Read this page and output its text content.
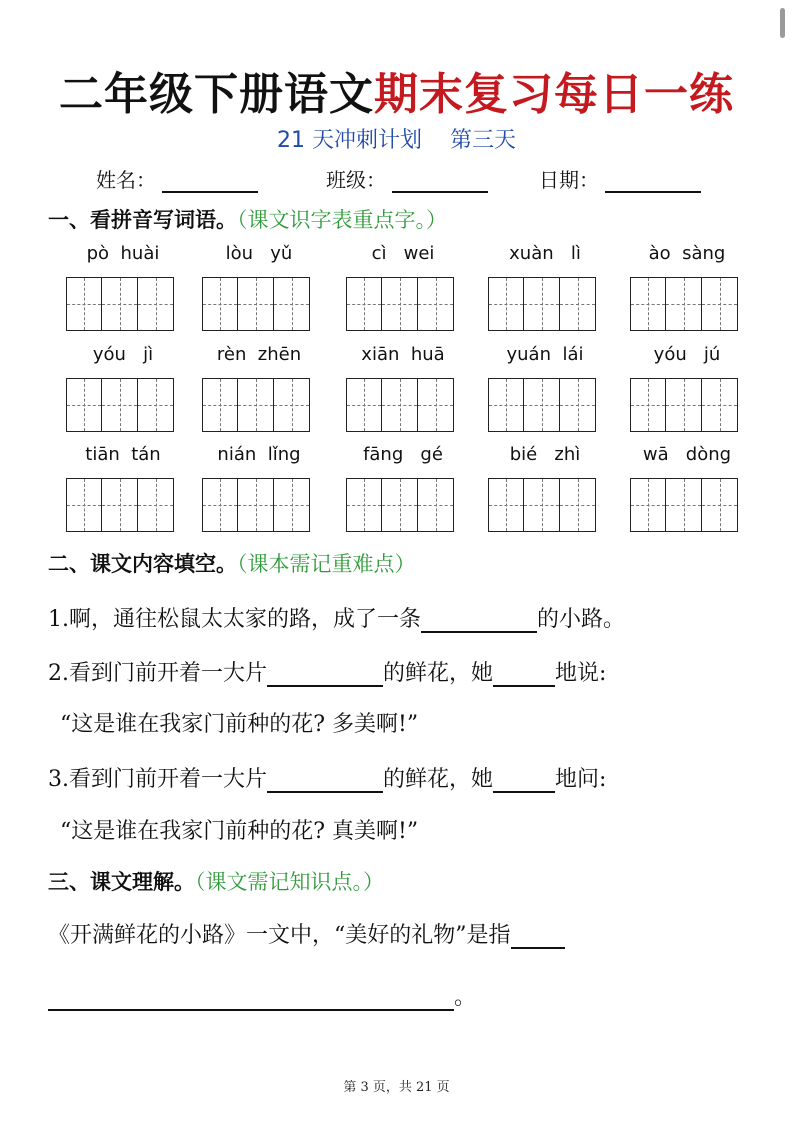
二年级下册语文期末复习每日一练
21 天冲刺计划    第三天
姓名：	班级：	日期：
一、看拼音写词语。（课文识字表重点字。）
pò  huài	lòu   yǔ	cì   wei	xuàn   lì	ào  sàng
yóu   jì	rèn  zhēn	xiān  huā	yuán  lái	yóu   jú
tiān  tán	nián  lǐng	fāng   gé	bié   zhì	wā   dòng
二、课文内容填空。（课本需记重难点）
1.啊，通往松鼠太太家的路，成了一条	的小路。
2.看到门前开着一大片	的鲜花，她	地说:
“这是谁在我家门前种的花? 多美啊!”
3.看到门前开着一大片	的鲜花，她	地问:
“这是谁在我家门前种的花? 真美啊!”
三、课文理解。（课文需记知识点。）
《开满鲜花的小路》一文中，“美好的礼物”是指
。
第 3 页，共 21 页
